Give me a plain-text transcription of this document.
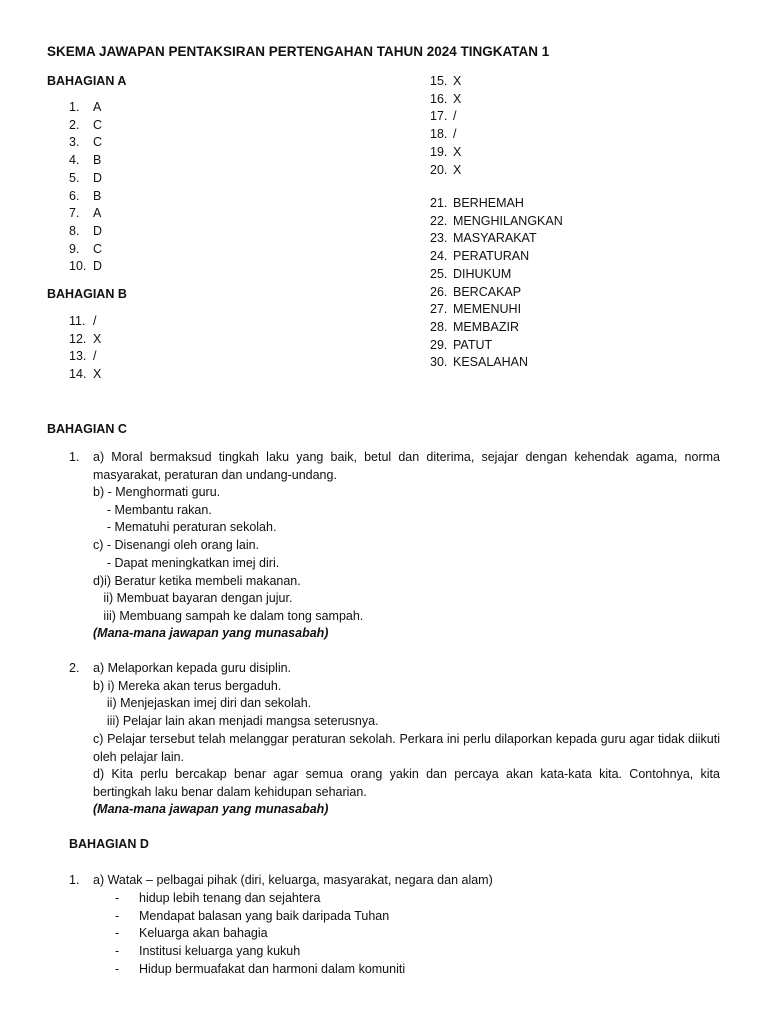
SKEMA JAWAPAN PENTAKSIRAN PERTENGAHAN TAHUN 2024 TINGKATAN 1
BAHAGIAN A
1. A
2. C
3. C
4. B
5. D
6. B
7. A
8. D
9. C
10. D
BAHAGIAN B
11. /
12. X
13. /
14. X
15. X
16. X
17. /
18. /
19. X
20. X
21. BERHEMAH
22. MENGHILANGKAN
23. MASYARAKAT
24. PERATURAN
25. DIHUKUM
26. BERCAKAP
27. MEMENUHI
28. MEMBAZIR
29. PATUT
30. KESALAHAN
BAHAGIAN C
1. a) Moral bermaksud tingkah laku yang baik, betul dan diterima, sejajar dengan kehendak agama, norma masyarakat, peraturan dan undang-undang.
b) - Menghormati guru.
- Membantu rakan.
- Mematuhi peraturan sekolah.
c) - Disenangi oleh orang lain.
- Dapat meningkatkan imej diri.
d)i) Beratur ketika membeli makanan.
ii) Membuat bayaran dengan jujur.
iii) Membuang sampah ke dalam tong sampah.
(Mana-mana jawapan yang munasabah)
2. a) Melaporkan kepada guru disiplin.
b) i) Mereka akan terus bergaduh.
ii) Menjejaskan imej diri dan sekolah.
iii) Pelajar lain akan menjadi mangsa seterusnya.
c) Pelajar tersebut telah melanggar peraturan sekolah. Perkara ini perlu dilaporkan kepada guru agar tidak diikuti oleh pelajar lain.
d) Kita perlu bercakap benar agar semua orang yakin dan percaya akan kata-kata kita. Contohnya, kita bertingkah laku benar dalam kehidupan seharian.
(Mana-mana jawapan yang munasabah)
BAHAGIAN D
1. a) Watak – pelbagai pihak (diri, keluarga, masyarakat, negara dan alam)
- hidup lebih tenang dan sejahtera
- Mendapat balasan yang baik daripada Tuhan
- Keluarga akan bahagia
- Institusi keluarga yang kukuh
- Hidup bermuafakat dan harmoni dalam komuniti
